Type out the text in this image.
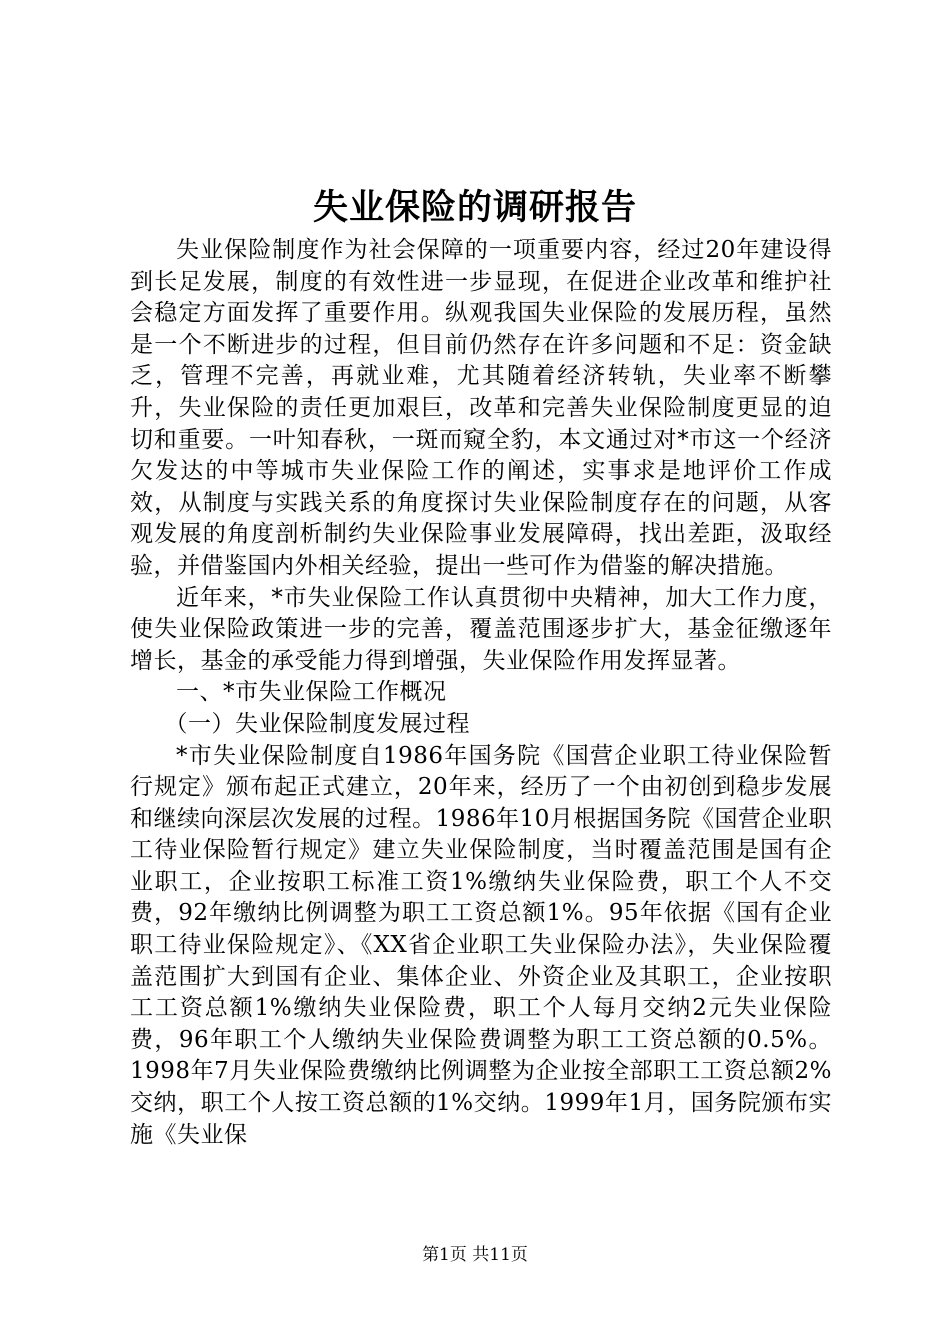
失业保险的调研报告

失业保险制度作为社会保障的一项重要内容，经过20年建设得到长足发展，制度的有效性进一步显现，在促进企业改革和维护社会稳定方面发挥了重要作用。纵观我国失业保险的发展历程，虽然是一个不断进步的过程，但目前仍然存在许多问题和不足：资金缺乏，管理不完善，再就业难，尤其随着经济转轨，失业率不断攀升，失业保险的责任更加艰巨，改革和完善失业保险制度更显的迫切和重要。一叶知春秋，一斑而窥全豹，本文通过对*市这一个经济欠发达的中等城市失业保险工作的阐述，实事求是地评价工作成效，从制度与实践关系的角度探讨失业保险制度存在的问题，从客观发展的角度剖析制约失业保险事业发展障碍，找出差距，汲取经验，并借鉴国内外相关经验，提出一些可作为借鉴的解决措施。

近年来，*市失业保险工作认真贯彻中央精神，加大工作力度，使失业保险政策进一步的完善，覆盖范围逐步扩大，基金征缴逐年增长，基金的承受能力得到增强，失业保险作用发挥显著。

一、*市失业保险工作概况

（一）失业保险制度发展过程

*市失业保险制度自1986年国务院《国营企业职工待业保险暂行规定》颁布起正式建立，20年来，经历了一个由初创到稳步发展和继续向深层次发展的过程。1986年10月根据国务院《国营企业职工待业保险暂行规定》建立失业保险制度，当时覆盖范围是国有企业职工，企业按职工标准工资1%缴纳失业保险费，职工个人不交费，92年缴纳比例调整为职工工资总额1%。95年依据《国有企业职工待业保险规定》、《XX省企业职工失业保险办法》，失业保险覆盖范围扩大到国有企业、集体企业、外资企业及其职工，企业按职工工资总额1%缴纳失业保险费，职工个人每月交纳2元失业保险费，96年职工个人缴纳失业保险费调整为职工工资总额的0.5%。1998年7月失业保险费缴纳比例调整为企业按全部职工工资总额2%交纳，职工个人按工资总额的1%交纳。1999年1月，国务院颁布实施《失业保

第1页 共11页
